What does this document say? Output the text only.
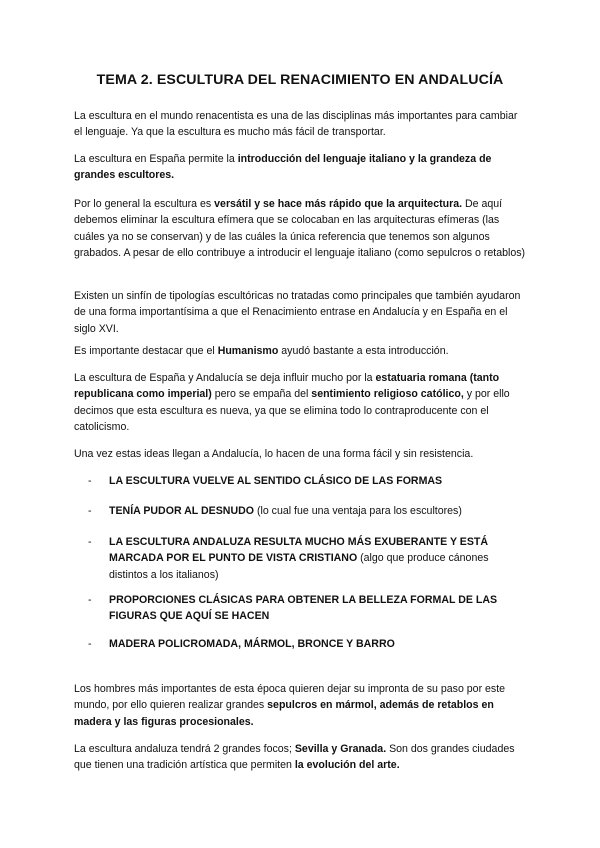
TEMA 2. ESCULTURA DEL RENACIMIENTO EN ANDALUCÍA

La escultura en el mundo renacentista es una de las disciplinas más importantes para cambiar el lenguaje. Ya que la escultura es mucho más fácil de transportar.

La escultura en España permite la introducción del lenguaje italiano y la grandeza de grandes escultores.

Por lo general la escultura es versátil y se hace más rápido que la arquitectura. De aquí debemos eliminar la escultura efímera que se colocaban en las arquitecturas efímeras (las cuáles ya no se conservan) y de las cuáles la única referencia que tenemos son algunos grabados. A pesar de ello contribuye a introducir el lenguaje italiano (como sepulcros o retablos)

Existen un sinfín de tipologías escultóricas no tratadas como principales que también ayudaron de una forma importantísima a que el Renacimiento entrase en Andalucía y en España en el siglo XVI.

Es importante destacar que el Humanismo ayudó bastante a esta introducción.

La escultura de España y Andalucía se deja influir mucho por la estatuaria romana (tanto republicana como imperial) pero se empaña del sentimiento religioso católico, y por ello decimos que esta escultura es nueva, ya que se elimina todo lo contraproducente con el catolicismo.

Una vez estas ideas llegan a Andalucía, lo hacen de una forma fácil y sin resistencia.

-	LA ESCULTURA VUELVE AL SENTIDO CLÁSICO DE LAS FORMAS
-	TENÍA PUDOR AL DESNUDO (lo cual fue una ventaja para los escultores)
-	LA ESCULTURA ANDALUZA RESULTA MUCHO MÁS EXUBERANTE Y ESTÁ MARCADA POR EL PUNTO DE VISTA CRISTIANO (algo que produce cánones distintos a los italianos)
-	PROPORCIONES CLÁSICAS PARA OBTENER LA BELLEZA FORMAL DE LAS FIGURAS QUE AQUÍ SE HACEN
-	MADERA POLICROMADA, MÁRMOL, BRONCE Y BARRO

Los hombres más importantes de esta época quieren dejar su impronta de su paso por este mundo, por ello quieren realizar grandes sepulcros en mármol, además de retablos en madera y las figuras procesionales.

La escultura andaluza tendrá 2 grandes focos; Sevilla y Granada. Son dos grandes ciudades que tienen una tradición artística que permiten la evolución del arte.
